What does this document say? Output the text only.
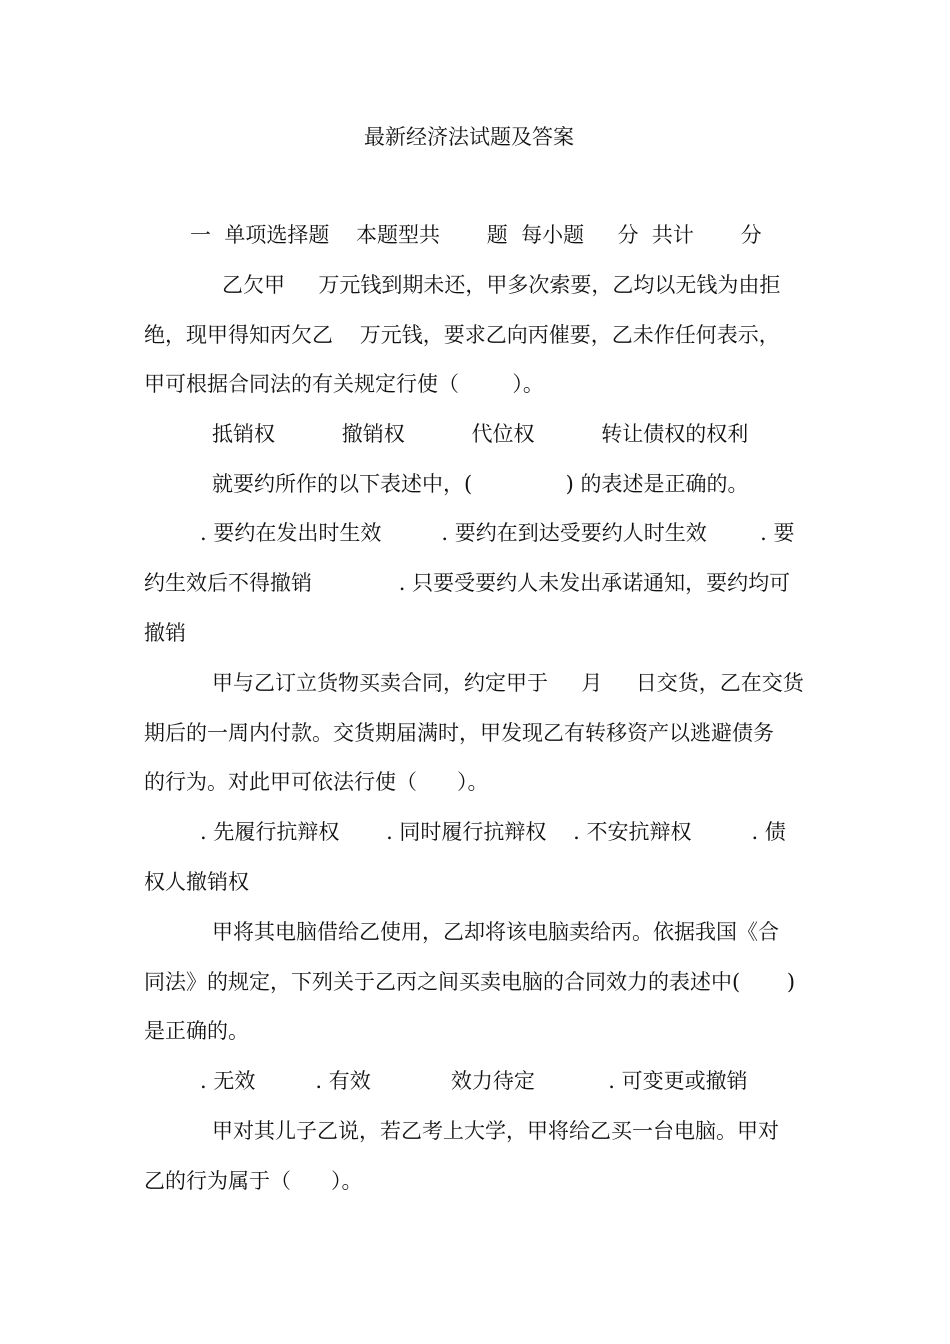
最新经济法试题及答案
一  单项选择题    本题型共       题  每小题     分  共计       分
乙欠甲     万元钱到期未还，甲多次索要，乙均以无钱为由拒
绝，现甲得知丙欠乙    万元钱，要求乙向丙催要，乙未作任何表示，
甲可根据合同法的有关规定行使（        ）。
抵销权          撤销权          代位权          转让债权的权利
就要约所作的以下表述中，(              ) 的表述是正确的。
. 要约在发出时生效         . 要约在到达受要约人时生效        . 要
约生效后不得撤销             . 只要受要约人未发出承诺通知，要约均可
撤销
甲与乙订立货物买卖合同，约定甲于     月     日交货，乙在交货
期后的一周内付款。交货期届满时，甲发现乙有转移资产以逃避债务
的行为。对此甲可依法行使（      ）。
. 先履行抗辩权       . 同时履行抗辩权    . 不安抗辩权         . 债
权人撤销权
甲将其电脑借给乙使用，乙却将该电脑卖给丙。依据我国《合
同法》的规定，下列关于乙丙之间买卖电脑的合同效力的表述中(       )
是正确的。
. 无效         . 有效            效力待定           . 可变更或撤销
甲对其儿子乙说，若乙考上大学，甲将给乙买一台电脑。甲对
乙的行为属于（      ）。
